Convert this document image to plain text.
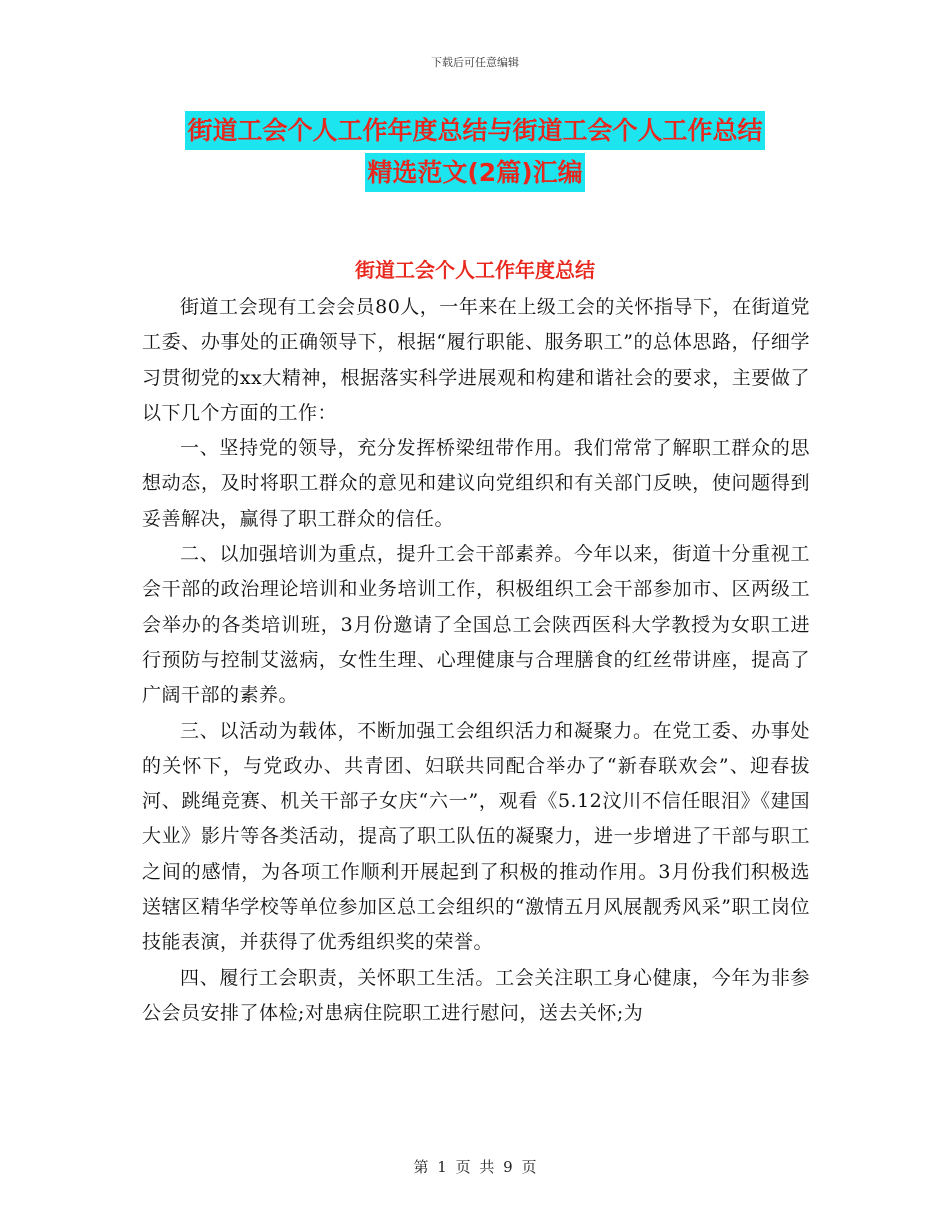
下载后可任意编辑
街道工会个人工作年度总结与街道工会个人工作总结
精选范文(2篇)汇编
街道工会个人工作年度总结

街道工会现有工会会员80人，一年来在上级工会的关怀指导下，在街道党工委、办事处的正确领导下，根据“履行职能、服务职工”的总体思路，仔细学习贯彻党的xx大精神，根据落实科学进展观和构建和谐社会的要求，主要做了以下几个方面的工作：

一、坚持党的领导，充分发挥桥梁纽带作用。我们常常了解职工群众的思想动态，及时将职工群众的意见和建议向党组织和有关部门反映，使问题得到妥善解决，赢得了职工群众的信任。

二、以加强培训为重点，提升工会干部素养。今年以来，街道十分重视工会干部的政治理论培训和业务培训工作，积极组织工会干部参加市、区两级工会举办的各类培训班，3月份邀请了全国总工会陕西医科大学教授为女职工进行预防与控制艾滋病，女性生理、心理健康与合理膳食的红丝带讲座，提高了广阔干部的素养。

三、以活动为载体，不断加强工会组织活力和凝聚力。在党工委、办事处的关怀下，与党政办、共青团、妇联共同配合举办了“新春联欢会”、迎春拔河、跳绳竞赛、机关干部子女庆“六一”，观看《5.12汶川不信任眼泪》《建国大业》影片等各类活动，提高了职工队伍的凝聚力，进一步增进了干部与职工之间的感情，为各项工作顺利开展起到了积极的推动作用。3月份我们积极选送辖区精华学校等单位参加区总工会组织的“激情五月风展靓秀风采”职工岗位技能表演，并获得了优秀组织奖的荣誉。

四、履行工会职责，关怀职工生活。工会关注职工身心健康，今年为非参公会员安排了体检;对患病住院职工进行慰问，送去关怀;为

第 1 页 共 9 页
